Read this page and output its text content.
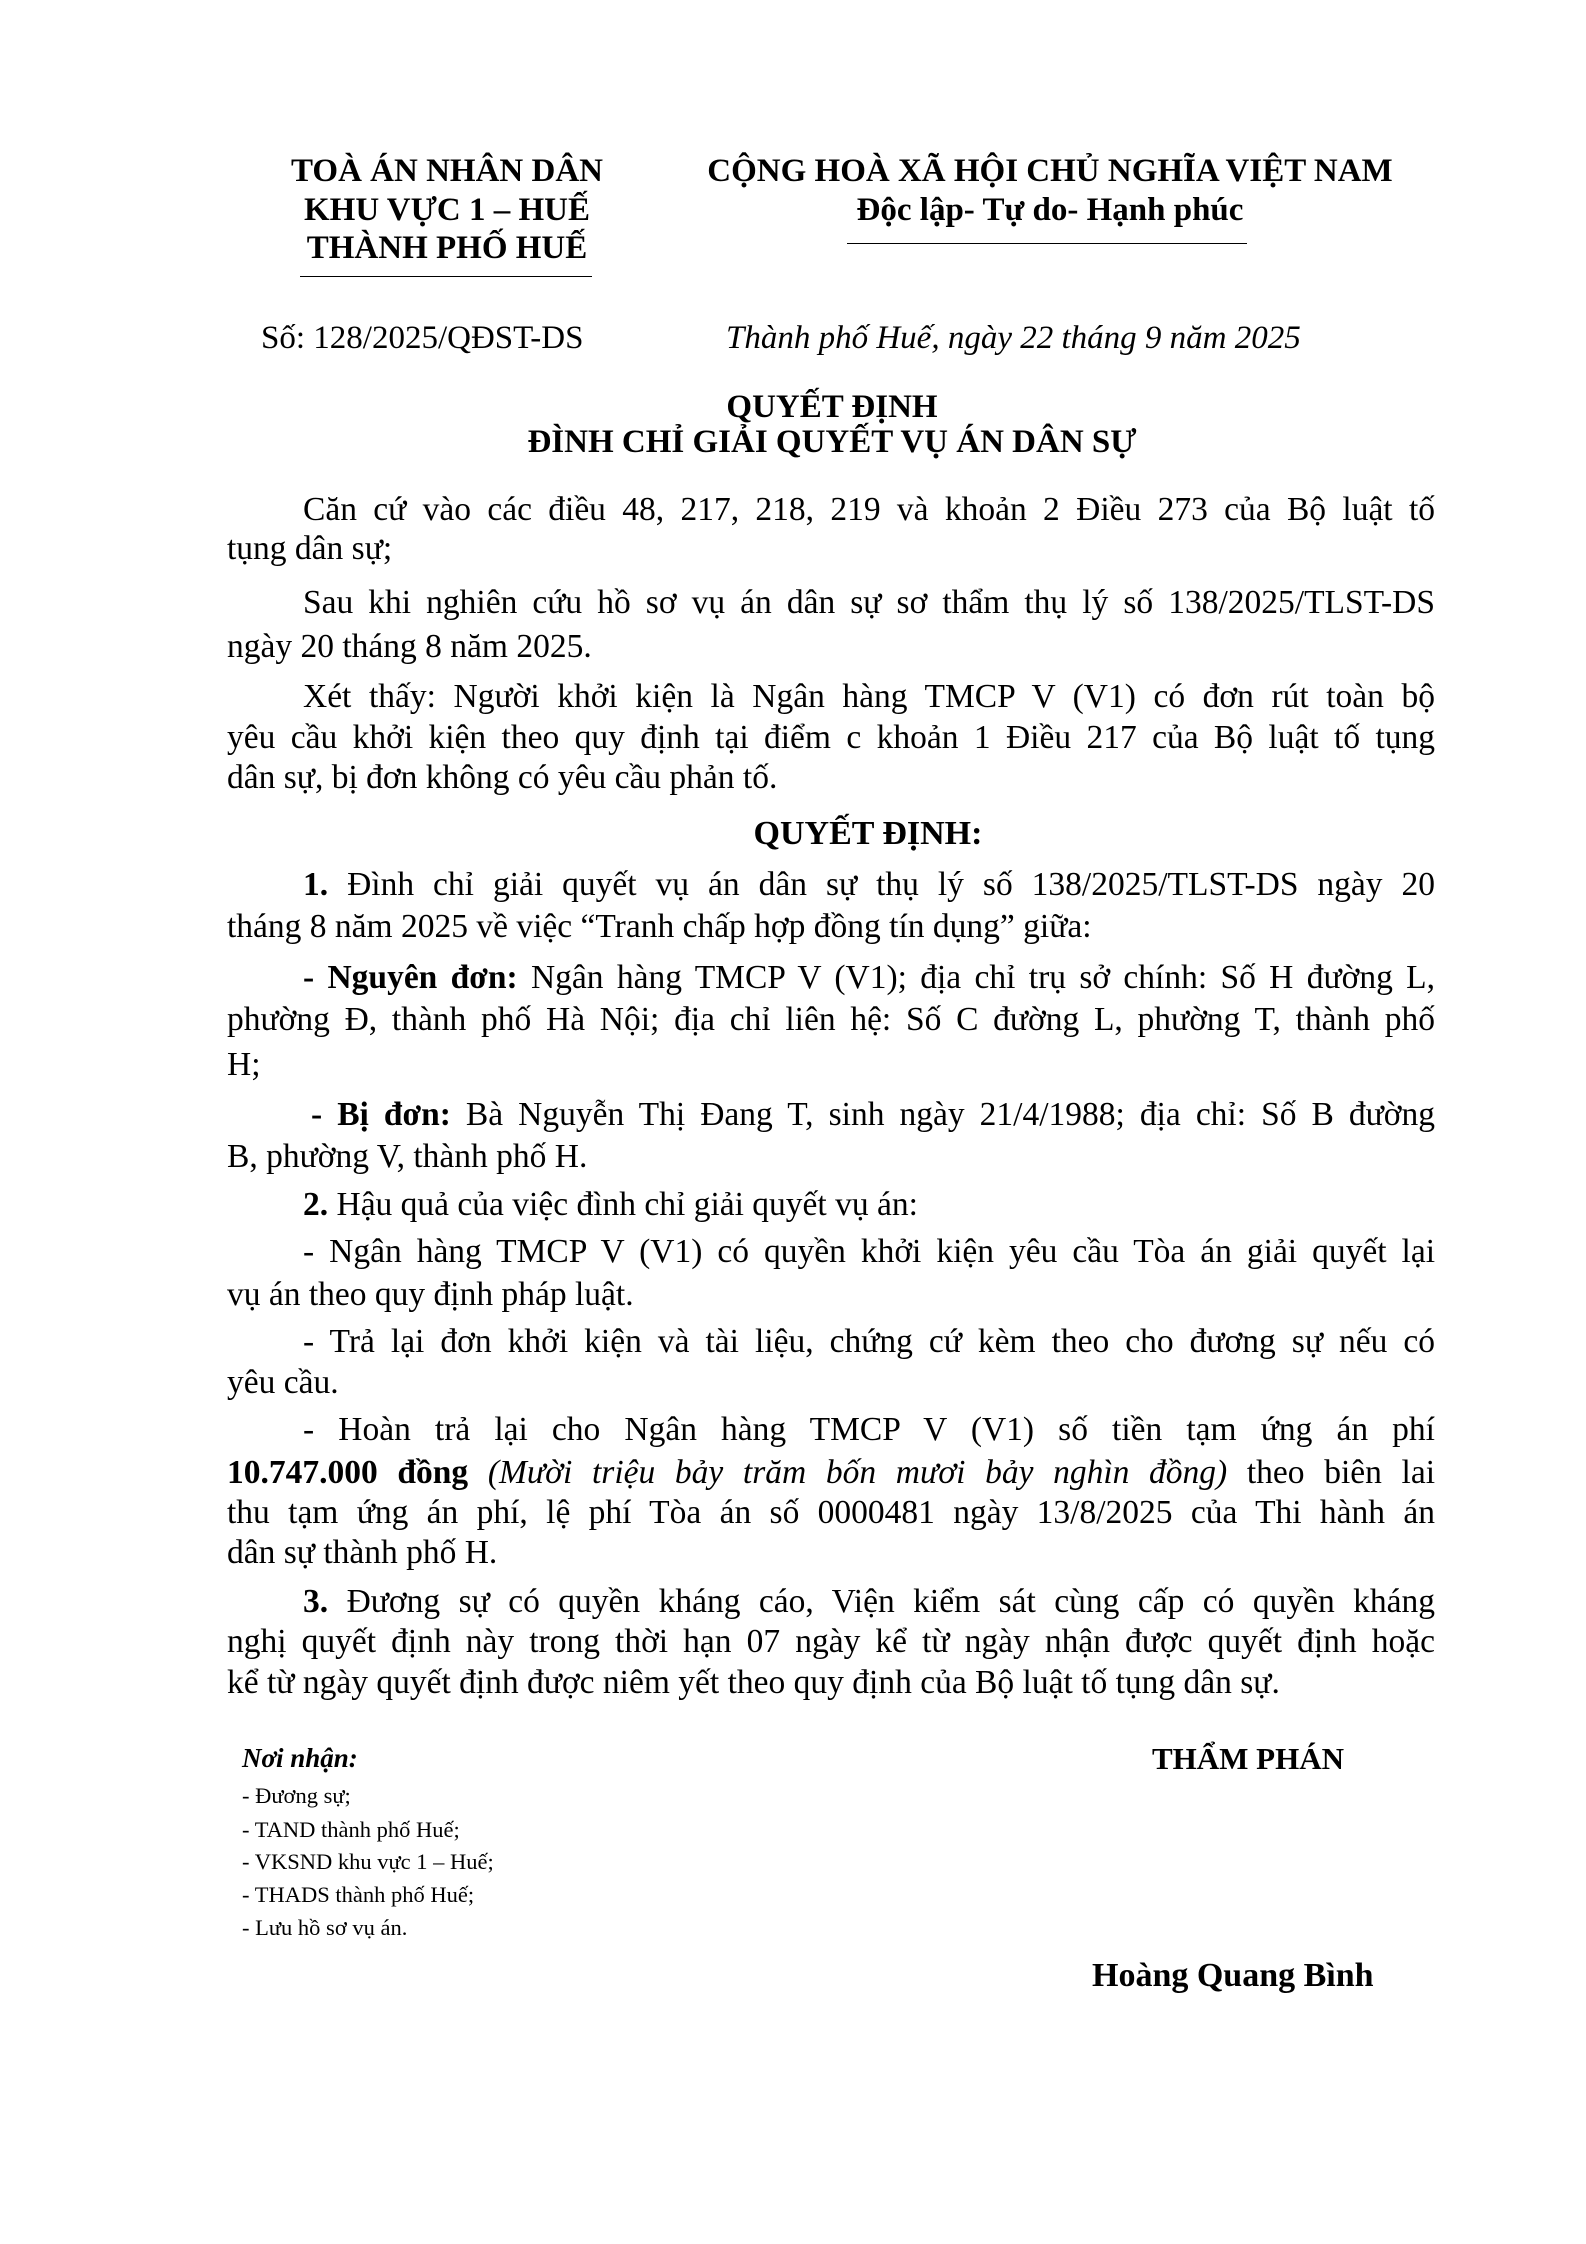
TOÀ ÁN NHÂN DÂN
KHU VỰC 1 – HUẾ
THÀNH PHỐ HUẾ
CỘNG HOÀ XÃ HỘI CHỦ NGHĨA VIỆT NAM
Độc lập- Tự do- Hạnh phúc
Số: 128/2025/QĐST-DS	Thành phố Huế, ngày 22 tháng 9 năm 2025
QUYẾT ĐỊNH
ĐÌNH CHỈ GIẢI QUYẾT VỤ ÁN DÂN SỰ
Căn cứ vào các điều 48, 217, 218, 219 và khoản 2 Điều 273 của Bộ luật tố
tụng dân sự;
Sau khi nghiên cứu hồ sơ vụ án dân sự sơ thẩm thụ lý số 138/2025/TLST-DS
ngày 20 tháng 8 năm 2025.
Xét thấy: Người khởi kiện là Ngân hàng TMCP V (V1) có đơn rút toàn bộ
yêu cầu khởi kiện theo quy định tại điểm c khoản 1 Điều 217 của Bộ luật tố tụng
dân sự, bị đơn không có yêu cầu phản tố.
QUYẾT ĐỊNH:
1. Đình chỉ giải quyết vụ án dân sự thụ lý số 138/2025/TLST-DS ngày 20
tháng 8 năm 2025 về việc “Tranh chấp hợp đồng tín dụng” giữa:
- Nguyên đơn: Ngân hàng TMCP V (V1); địa chỉ trụ sở chính: Số H đường L,
phường Đ, thành phố Hà Nội; địa chỉ liên hệ: Số C đường L, phường T, thành phố
H;
- Bị đơn: Bà Nguyễn Thị Đang T, sinh ngày 21/4/1988; địa chỉ: Số B đường
B, phường V, thành phố H.
2. Hậu quả của việc đình chỉ giải quyết vụ án:
- Ngân hàng TMCP V (V1) có quyền khởi kiện yêu cầu Tòa án giải quyết lại
vụ án theo quy định pháp luật.
- Trả lại đơn khởi kiện và tài liệu, chứng cứ kèm theo cho đương sự nếu có
yêu cầu.
- Hoàn trả lại cho Ngân hàng TMCP V (V1) số tiền tạm ứng án phí
10.747.000 đồng (Mười triệu bảy trăm bốn mươi bảy nghìn đồng) theo biên lai
thu tạm ứng án phí, lệ phí Tòa án số 0000481 ngày 13/8/2025 của Thi hành án
dân sự thành phố H.
3. Đương sự có quyền kháng cáo, Viện kiểm sát cùng cấp có quyền kháng
nghị quyết định này trong thời hạn 07 ngày kể từ ngày nhận được quyết định hoặc
kể từ ngày quyết định được niêm yết theo quy định của Bộ luật tố tụng dân sự.
Nơi nhận:
- Đương sự;
- TAND thành phố Huế;
- VKSND khu vực 1 – Huế;
- THADS thành phố Huế;
- Lưu hồ sơ vụ án.
THẨM PHÁN
Hoàng Quang Bình
